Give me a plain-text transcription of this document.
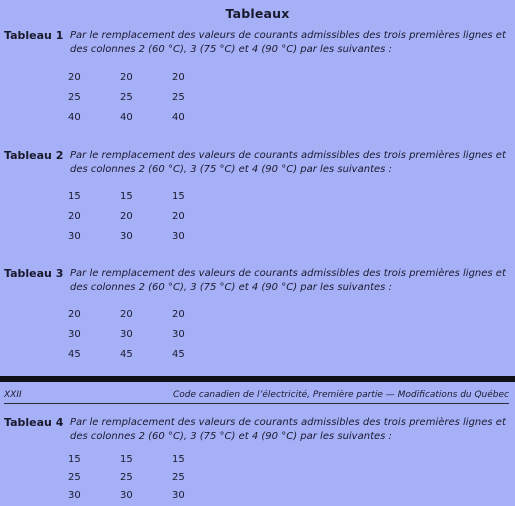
Tableaux
Tableau 1 Par le remplacement des valeurs de courants admissibles des trois premières lignes et des colonnes 2 (60 °C), 3 (75 °C) et 4 (90 °C) par les suivantes :
20	20	20
25	25	25
40	40	40
Tableau 2 Par le remplacement des valeurs de courants admissibles des trois premières lignes et des colonnes 2 (60 °C), 3 (75 °C) et 4 (90 °C) par les suivantes :
15	15	15
20	20	20
30	30	30
Tableau 3 Par le remplacement des valeurs de courants admissibles des trois premières lignes et des colonnes 2 (60 °C), 3 (75 °C) et 4 (90 °C) par les suivantes :
20	20	20
30	30	30
45	45	45
XXII	Code canadien de l’électricité, Première partie — Modifications du Québec
Tableau 4 Par le remplacement des valeurs de courants admissibles des trois premières lignes et des colonnes 2 (60 °C), 3 (75 °C) et 4 (90 °C) par les suivantes :
15	15	15
25	25	25
30	30	30
